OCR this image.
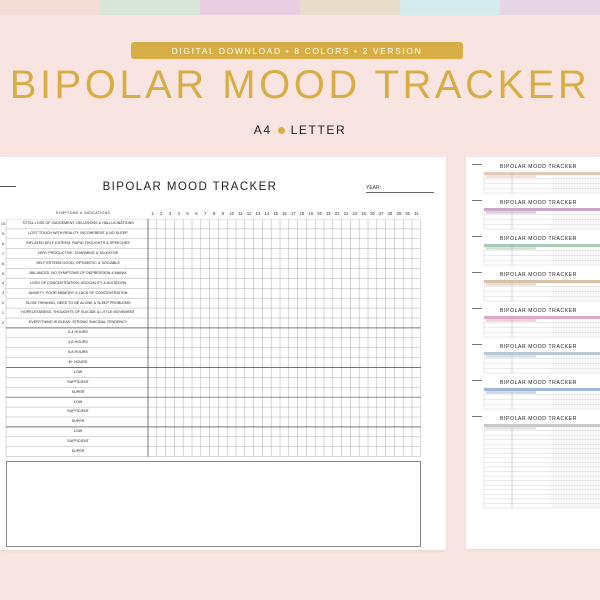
DIGITAL DOWNLOAD • 8 COLORS • 2 VERSION
BIPOLAR MOOD TRACKER
A4 LETTER
BIPOLAR MOOD TRACKER	YEAR:
SYMPTOMS & INDICATIONS	1	2	3	4	5	6	7	8	9	10	11	12 13 14 15 16 17 18 19 20 21 22 23 24 25 26 27 28 29 30 31
10	TOTAL LOSS OF JUDGEMENT, DELUSIONS & HALLUCINATIONS
9	LOST TOUCH WITH REALITY, INCOHERENT & NO SLEEP
8	INFLATED SELF ESTEEM, RAPID THOUGHTS & SPEECHES
7	VERY PRODUCTIVE, CHARMING & TALKATIVE
6	SELF ESTEEM GOOD, OPTIMISTIC & SOCIABLE
5	BALANCED, NO SYMPTOMS OF DEPRESSION & MANIA
4	LOSS OF CONCENTRATION, ASOCIALITY & AGITATION
3	ANXIETY, POOR MEMORY & LACK OF CONCENTRATION
2	SLOW THINKING, NEED TO BE ALONE & SLEEP PROBLEMS
1	HOPELESSNESS, THOUGHTS OF SUICIDE & LITTLE MOVEMENT
0	EVERYTHING IS BLEAK, STRONG SUICIDAL TENDENCY
0-4 HOURS
4-6 HOURS
6-8 HOURS
8+ HOURS
LOW
SUFFICIENT
SUPER
LOW
SUFFICIENT
SUPER
LOW
SUFFICIENT
SUPER
BIPOLAR MOOD TRACKER
BIPOLAR MOOD TRACKER
BIPOLAR MOOD TRACKER
BIPOLAR MOOD TRACKER
BIPOLAR MOOD TRACKER
BIPOLAR MOOD TRACKER
BIPOLAR MOOD TRACKER
BIPOLAR MOOD TRACKER
